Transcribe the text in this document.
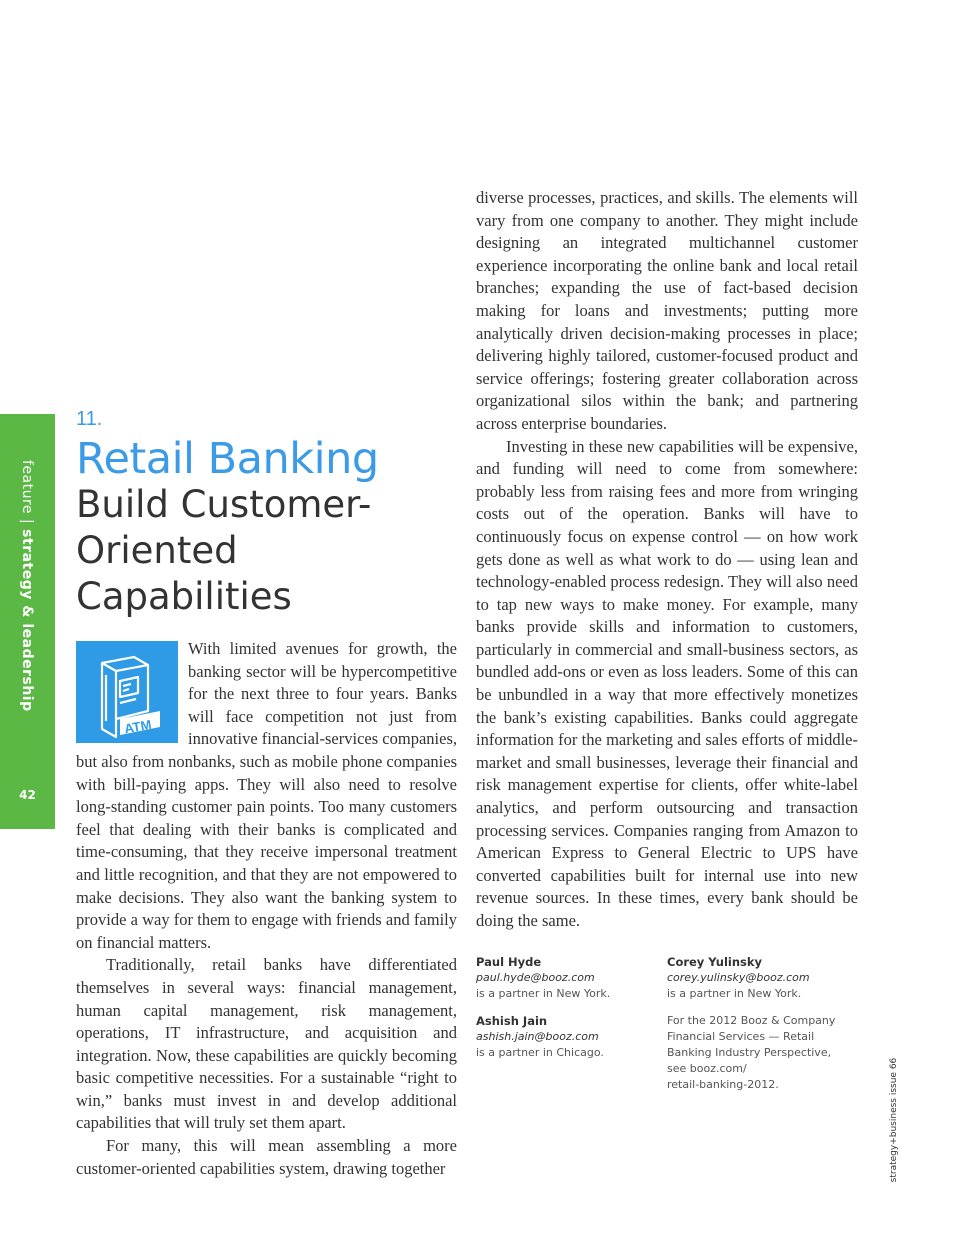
feature | strategy & leadership
42
strategy+business issue 66
11.
Retail Banking
Build Customer-Oriented Capabilities
ATM

With limited avenues for growth, the banking sector will be hypercompetitive for the next three to four years. Banks will face competition not just from innovative financial-services companies, but also from nonbanks, such as mobile phone companies with bill-paying apps. They will also need to resolve long-standing customer pain points. Too many customers feel that dealing with their banks is complicated and time-consuming, that they receive impersonal treatment and little recognition, and that they are not empowered to make decisions. They also want the banking system to provide a way for them to engage with friends and family on financial matters.

Traditionally, retail banks have differentiated themselves in several ways: financial management, human capital management, risk management, operations, IT infrastructure, and acquisition and integration. Now, these capabilities are quickly becoming basic competitive necessities. For a sustainable “right to win,” banks must invest in and develop additional capabilities that will truly set them apart.

For many, this will mean assembling a more customer-oriented capabilities system, drawing together

diverse processes, practices, and skills. The elements will vary from one company to another. They might include designing an integrated multichannel customer experience incorporating the online bank and local retail branches; expanding the use of fact-based decision making for loans and investments; putting more analytically driven decision-making processes in place; delivering highly tailored, customer-focused product and service offerings; fostering greater collaboration across organizational silos within the bank; and partnering across enterprise boundaries.

Investing in these new capabilities will be expensive, and funding will need to come from somewhere: probably less from raising fees and more from wringing costs out of the operation. Banks will have to continuously focus on expense control — on how work gets done as well as what work to do — using lean and technology-enabled process redesign. They will also need to tap new ways to make money. For example, many banks provide skills and information to customers, particularly in commercial and small-business sectors, as bundled add-ons or even as loss leaders. Some of this can be unbundled in a way that more effectively monetizes the bank’s existing capabilities. Banks could aggregate information for the marketing and sales efforts of middle-market and small businesses, leverage their financial and risk management expertise for clients, offer white-label analytics, and perform outsourcing and transaction processing services. Companies ranging from Amazon to American Express to General Electric to UPS have converted capabilities built for internal use into new revenue sources. In these times, every bank should be doing the same.

Paul Hyde
paul.hyde@booz.com
is a partner in New York.
Ashish Jain
ashish.jain@booz.com
is a partner in Chicago.
Corey Yulinsky
corey.yulinsky@booz.com
is a partner in New York.
For the 2012 Booz & Company
Financial Services — Retail
Banking Industry Perspective,
see booz.com/
retail-banking-2012.
